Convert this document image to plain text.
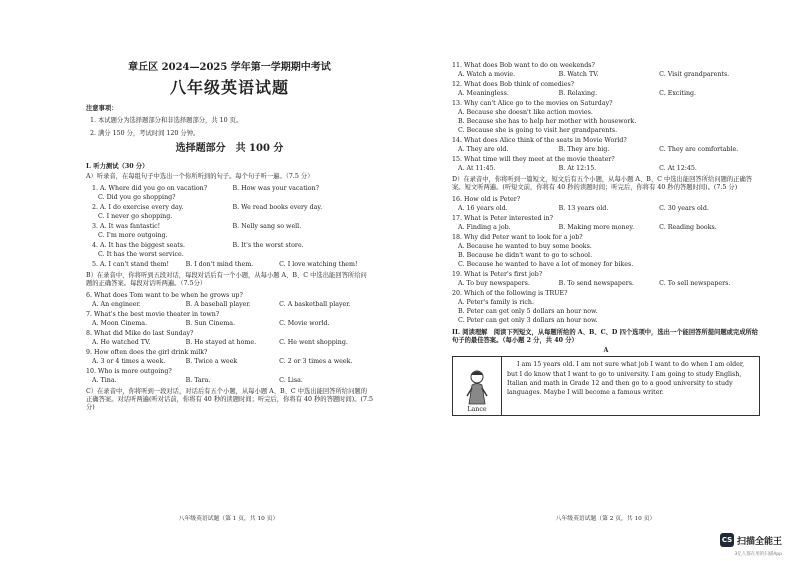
章丘区 2024—2025 学年第一学期期中考试
八年级英语试题
注意事项：
1. 本试题分为选择题部分和非选择题部分，共 10 页。
2. 满分 150 分，考试时间 120 分钟。
选择题部分　共 100 分
I. 听力测试（30 分）
A）听录音，在每组句子中选出一个你所听到的句子。每个句子听一遍。（7.5 分）
1. A. Where did you go on vacation?	B. How was your vacation?
C. Did you go shopping?
2. A. I do exercise every day.	B. We read books every day.
C. I never go shopping.
3. A. It was fantastic!	B. Nelly sang so well.
C. I'm more outgoing.
4. A. It has the biggest seats.	B. It's the worst store.
C. It has the worst service.
5. A. I can't stand them!	B. I don't mind them.	C. I love watching them!
B）在录音中，你将听到五段对话，每段对话后有一个小题，从每小题 A、B、C 中选出能回答所给问题的正确答案。每段对话听两遍。（7.5分）
6. What does Tom want to be when he grows up?
A. An engineer.	B. A baseball player.	C. A basketball player.
7. What's the best movie theater in town?
A. Moon Cinema.	B. Sun Cinema.	C. Movie world.
8. What did Mike do last Sunday?
A. He watched TV.	B. He stayed at home.	C. He went shopping.
9. How often does the girl drink milk?
A. 3 or 4 times a week.	B. Twice a week	C. 2 or 3 times a week.
10. Who is more outgoing?
A. Tina.	B. Tara.	C. Lisa.
C）在录音中，你将听到一段对话，对话后有五个小题，从每小题 A、B、C 中选出能回答所给问题的正确答案。对话听两遍(听对话前，你将有 40 秒的读题时间；听完后，你将有 40 秒的答题时间)。(7.5 分)
八年级英语试题（第 1 页，共 10 页）
11. What does Bob want to do on weekends?
A. Watch a movie.	B. Watch TV.	C. Visit grandparents.
12. What does Bob think of comedies?
A. Meaningless.	B. Relaxing.	C. Exciting.
13. Why can't Alice go to the movies on Saturday?
A. Because she doesn't like action movies.
B. Because she has to help her mother with housework.
C. Because she is going to visit her grandparents.
14. What does Alice think of the seats in Movie World?
A. They are old.	B. They are big.	C. They are comfortable.
15. What time will they meet at the movie theater?
A. At 11:45.	B. At 12:15.	C. At 12:45.
D）在录音中，你将听到一篇短文，短文后有五个小题，从每小题 A、B、C 中选出能回答所给问题的正确答案。短文听两遍。(听短文前，你将有 40 秒的读题时间；听完后，你将有 40 秒的答题时间)。(7.5 分)
16. How old is Peter?
A. 16 years old.	B. 13 years old.	C. 30 years old.
17. What is Peter interested in?
A. Finding a job.	B. Making more money.	C. Reading books.
18. Why did Peter want to look for a job?
A. Because he wanted to buy some books.
B. Because he didn't want to go to school.
C. Because he wanted to have a lot of money for bikes.
19. What is Peter's first job?
A. To buy newspapers.	B. To send newspapers.	C. To sell newspapers.
20. Which of the following is TRUE?
A. Peter's family is rich.
B. Peter can get only 5 dollars an hour now.
C. Peter can get only 3 dollars an hour now.
II. 阅读理解　阅读下列短文，从每题所给的 A、B、C、D 四个选项中，选出一个能回答所提问题或完成所给句子的最佳答案。（每小题 2 分，共 40 分）
A
Lance
I am 15 years old. I am not sure what job I want to do when I am older, but I do know that I want to go to university. I am going to study English, Italian and math in Grade 12 and then go to a good university to study languages. Maybe I will become a famous writer.
八年级英语试题（第 2 页，共 10 页）
CS 扫描全能王
3亿人都在用的扫描App
